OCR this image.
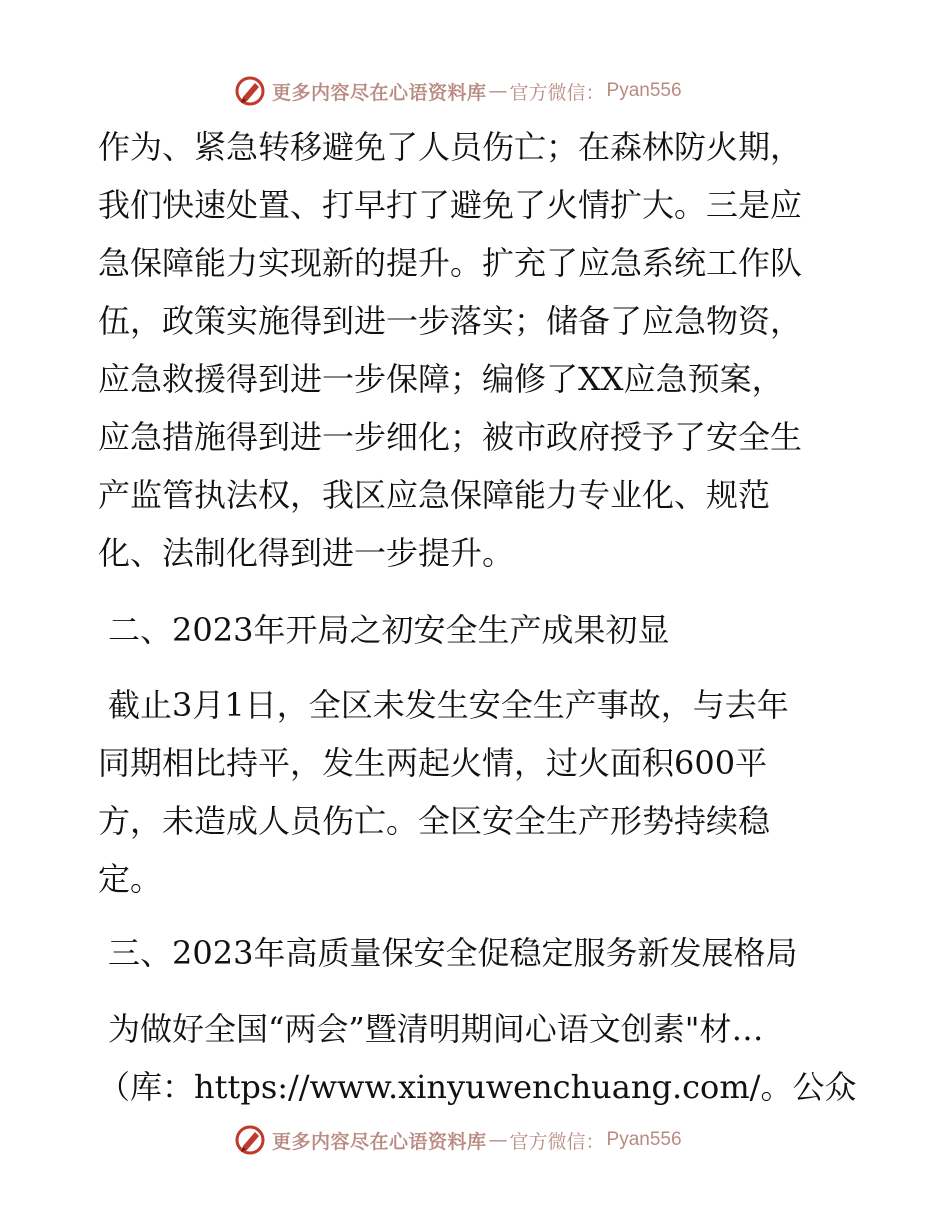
更多内容尽在心语资料库 — 官方微信： Pyan556
作为、紧急转移避免了人员伤亡；在森林防火期，
我们快速处置、打早打了避免了火情扩大。三是应
急保障能力实现新的提升。扩充了应急系统工作队
伍，政策实施得到进一步落实；储备了应急物资，
应急救援得到进一步保障；编修了XX应急预案，
应急措施得到进一步细化；被市政府授予了安全生
产监管执法权，我区应急保障能力专业化、规范
化、法制化得到进一步提升。
二、2023年开局之初安全生产成果初显
截止3月1日，全区未发生安全生产事故，与去年
同期相比持平，发生两起火情，过火面积600平
方，未造成人员伤亡。全区安全生产形势持续稳
定。
三、2023年高质量保安全促稳定服务新发展格局
为做好全国“两会”暨清明期间心语文创素"材…
（库：https://www.xinyuwenchuang.com/。公众
更多内容尽在心语资料库 — 官方微信： Pyan556
